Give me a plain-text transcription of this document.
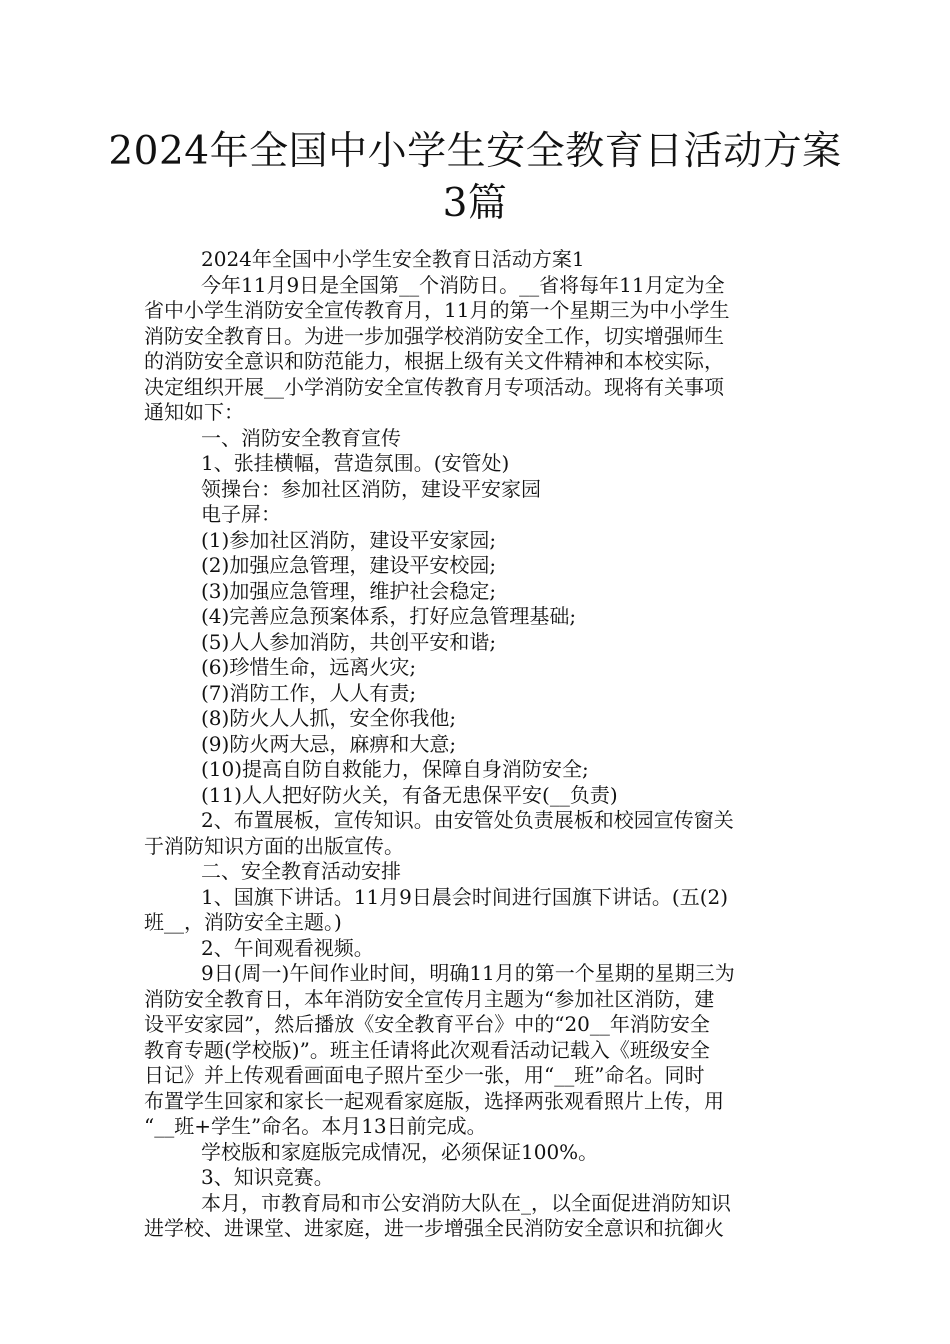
2024年全国中小学生安全教育日活动方案
3篇

2024年全国中小学生安全教育日活动方案1

今年11月9日是全国第__个消防日。__省将每年11月定为全

省中小学生消防安全宣传教育月，11月的第一个星期三为中小学生

消防安全教育日。为进一步加强学校消防安全工作，切实增强师生

的消防安全意识和防范能力，根据上级有关文件精神和本校实际，

决定组织开展__小学消防安全宣传教育月专项活动。现将有关事项

通知如下：

一、消防安全教育宣传

1、张挂横幅，营造氛围。(安管处)

领操台：参加社区消防，建设平安家园

电子屏：

(1)参加社区消防，建设平安家园;

(2)加强应急管理，建设平安校园;

(3)加强应急管理，维护社会稳定;

(4)完善应急预案体系，打好应急管理基础;

(5)人人参加消防，共创平安和谐;

(6)珍惜生命，远离火灾;

(7)消防工作，人人有责;

(8)防火人人抓，安全你我他;

(9)防火两大忌，麻痹和大意;

(10)提高自防自救能力，保障自身消防安全;

(11)人人把好防火关，有备无患保平安(__负责)

2、布置展板，宣传知识。由安管处负责展板和校园宣传窗关

于消防知识方面的出版宣传。

二、安全教育活动安排

1、国旗下讲话。11月9日晨会时间进行国旗下讲话。(五(2)

班__，消防安全主题。)

2、午间观看视频。

9日(周一)午间作业时间，明确11月的第一个星期的星期三为

消防安全教育日，本年消防安全宣传月主题为“参加社区消防，建

设平安家园”，然后播放《安全教育平台》中的“20__年消防安全

教育专题(学校版)”。班主任请将此次观看活动记载入《班级安全

日记》并上传观看画面电子照片至少一张，用“__班”命名。同时

布置学生回家和家长一起观看家庭版，选择两张观看照片上传，用

“__班+学生”命名。本月13日前完成。

学校版和家庭版完成情况，必须保证100%。

3、知识竞赛。

本月，市教育局和市公安消防大队在_，以全面促进消防知识

进学校、进课堂、进家庭，进一步增强全民消防安全意识和抗御火
